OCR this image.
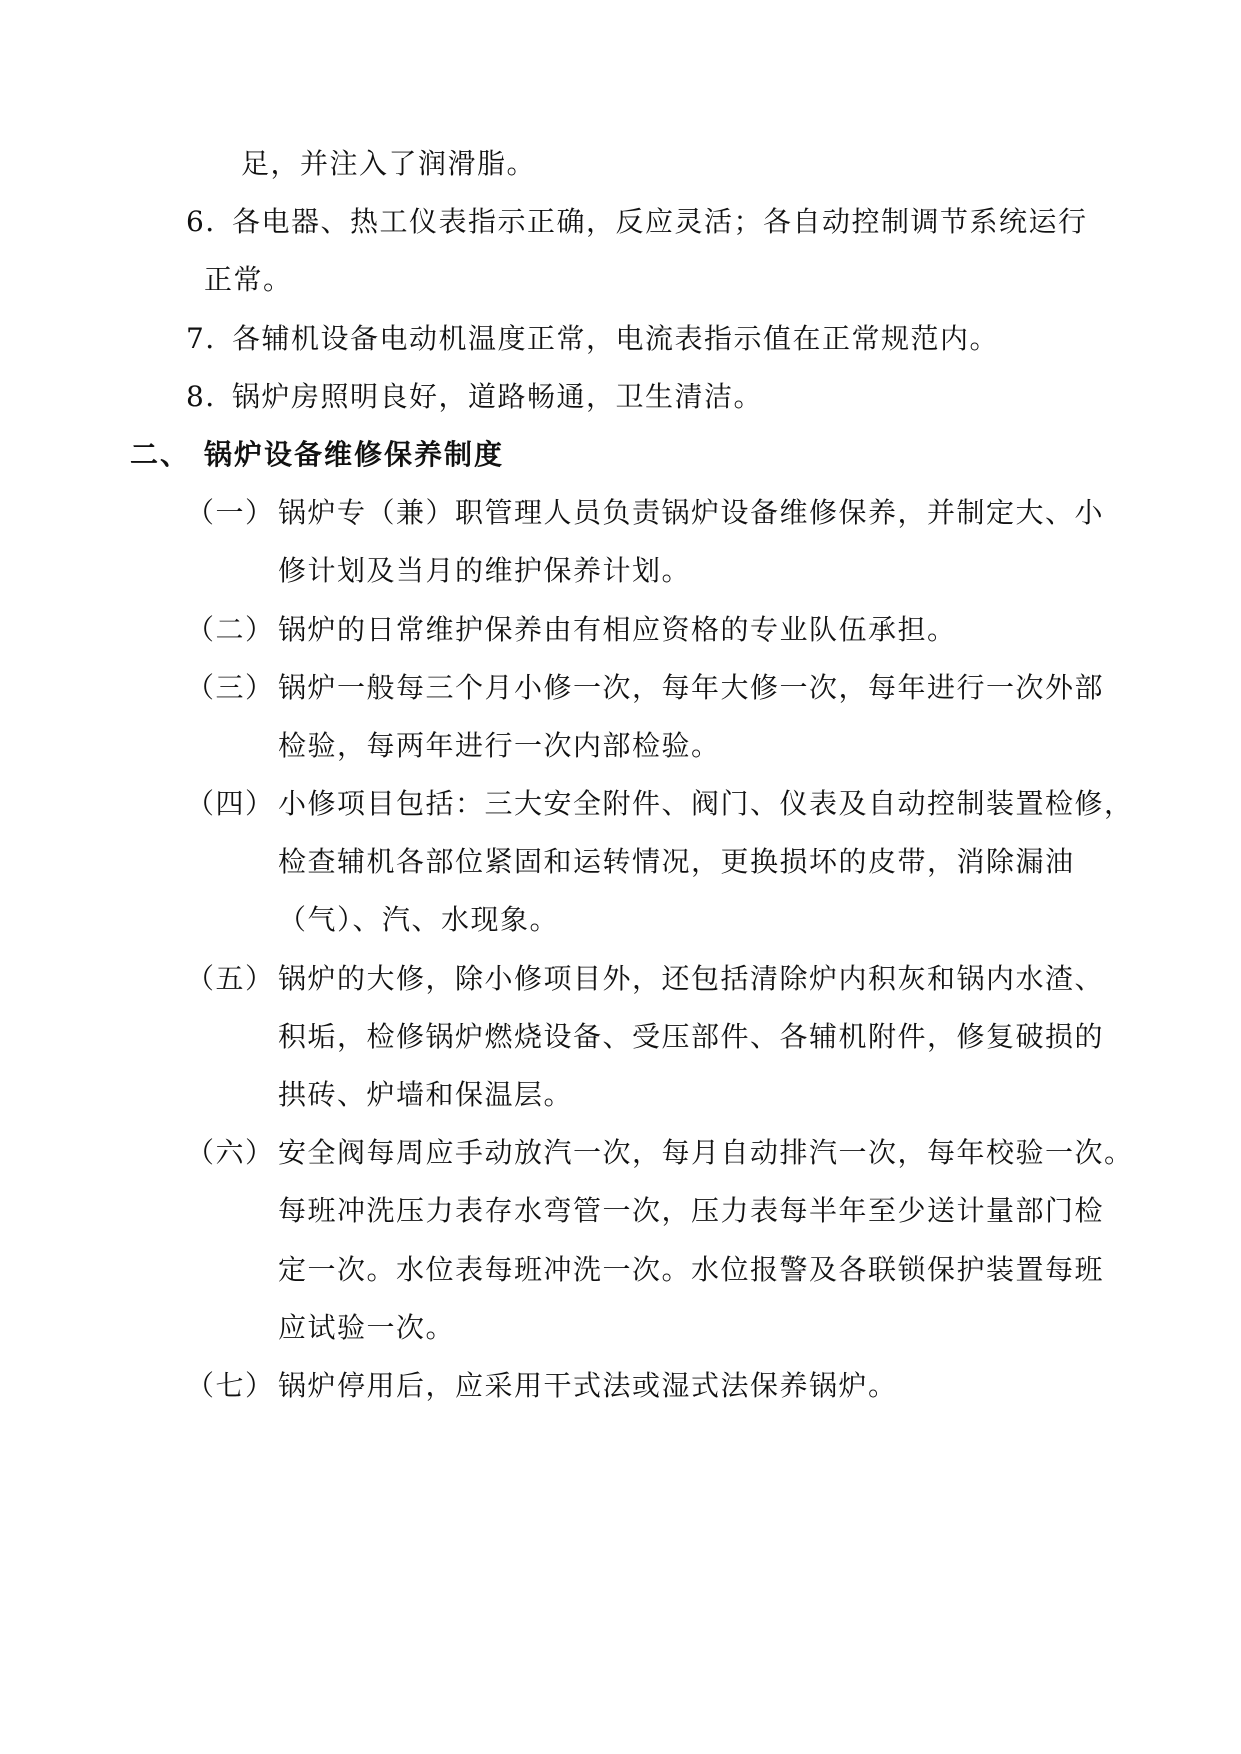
足，并注入了润滑脂。
6．各电器、热工仪表指示正确，反应灵活；各自动控制调节系统运行
正常。
7．各辅机设备电动机温度正常，电流表指示值在正常规范内。
8．锅炉房照明良好，道路畅通，卫生清洁。
二、 锅炉设备维修保养制度
（一） 锅炉专（兼）职管理人员负责锅炉设备维修保养，并制定大、小
修计划及当月的维护保养计划。
（二） 锅炉的日常维护保养由有相应资格的专业队伍承担。
（三） 锅炉一般每三个月小修一次，每年大修一次，每年进行一次外部
检验，每两年进行一次内部检验。
（四） 小修项目包括：三大安全附件、阀门、仪表及自动控制装置检修，
检查辅机各部位紧固和运转情况，更换损坏的皮带，消除漏油
（气）、汽、水现象。
（五） 锅炉的大修，除小修项目外，还包括清除炉内积灰和锅内水渣、
积垢，检修锅炉燃烧设备、受压部件、各辅机附件，修复破损的
拱砖、炉墙和保温层。
（六） 安全阀每周应手动放汽一次，每月自动排汽一次，每年校验一次。
每班冲洗压力表存水弯管一次，压力表每半年至少送计量部门检
定一次。水位表每班冲洗一次。水位报警及各联锁保护装置每班
应试验一次。
（七） 锅炉停用后，应采用干式法或湿式法保养锅炉。
